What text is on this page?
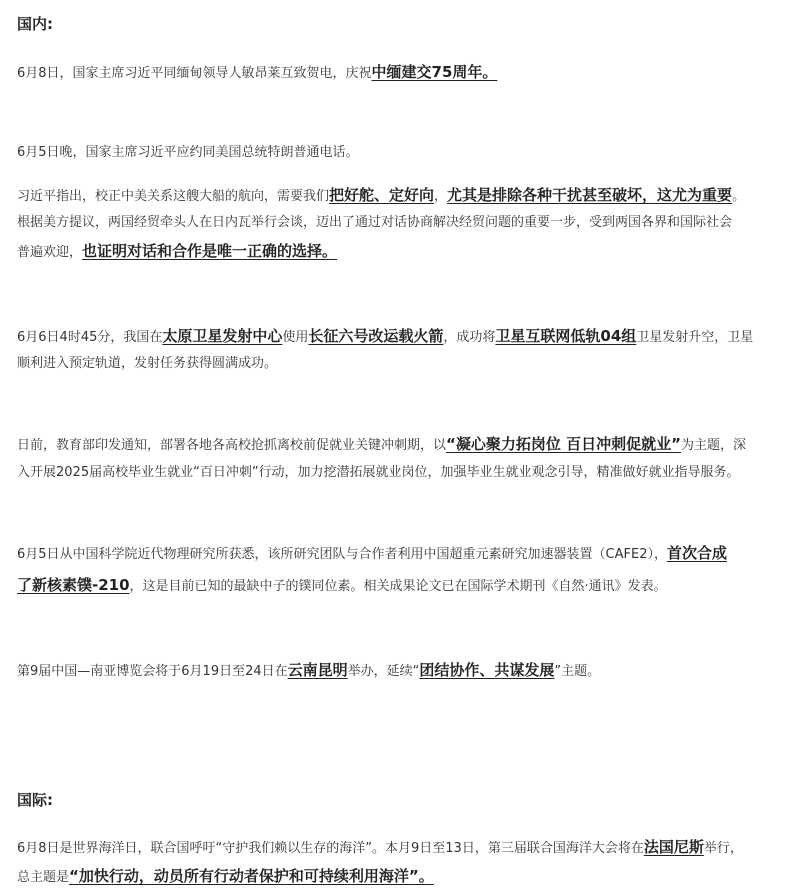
国内:
6月8日，国家主席习近平同缅甸领导人敏昂莱互致贺电，庆祝中缅建交75周年。
6月5日晚，国家主席习近平应约同美国总统特朗普通电话。
习近平指出，校正中美关系这艘大船的航向，需要我们把好舵、定好向，尤其是排除各种干扰甚至破坏，这尤为重要。
根据美方提议，两国经贸牵头人在日内瓦举行会谈，迈出了通过对话协商解决经贸问题的重要一步，受到两国各界和国际社会
普遍欢迎，也证明对话和合作是唯一正确的选择。
6月6日4时45分，我国在太原卫星发射中心使用长征六号改运载火箭，成功将卫星互联网低轨04组卫星发射升空，卫星
顺利进入预定轨道，发射任务获得圆满成功。
日前，教育部印发通知，部署各地各高校抢抓离校前促就业关键冲刺期，以“凝心聚力拓岗位 百日冲刺促就业”为主题，深
入开展2025届高校毕业生就业“百日冲刺”行动，加力挖潜拓展就业岗位，加强毕业生就业观念引导，精准做好就业指导服务。
6月5日从中国科学院近代物理研究所获悉，该所研究团队与合作者利用中国超重元素研究加速器装置（CAFE2），首次合成
了新核素镤-210，这是目前已知的最缺中子的镤同位素。相关成果论文已在国际学术期刊《自然·通讯》发表。
第9届中国—南亚博览会将于6月19日至24日在云南昆明举办，延续“团结协作、共谋发展”主题。
国际:
6月8日是世界海洋日，联合国呼吁“守护我们赖以生存的海洋”。本月9日至13日，第三届联合国海洋大会将在法国尼斯举行，
总主题是“加快行动，动员所有行动者保护和可持续利用海洋”。
